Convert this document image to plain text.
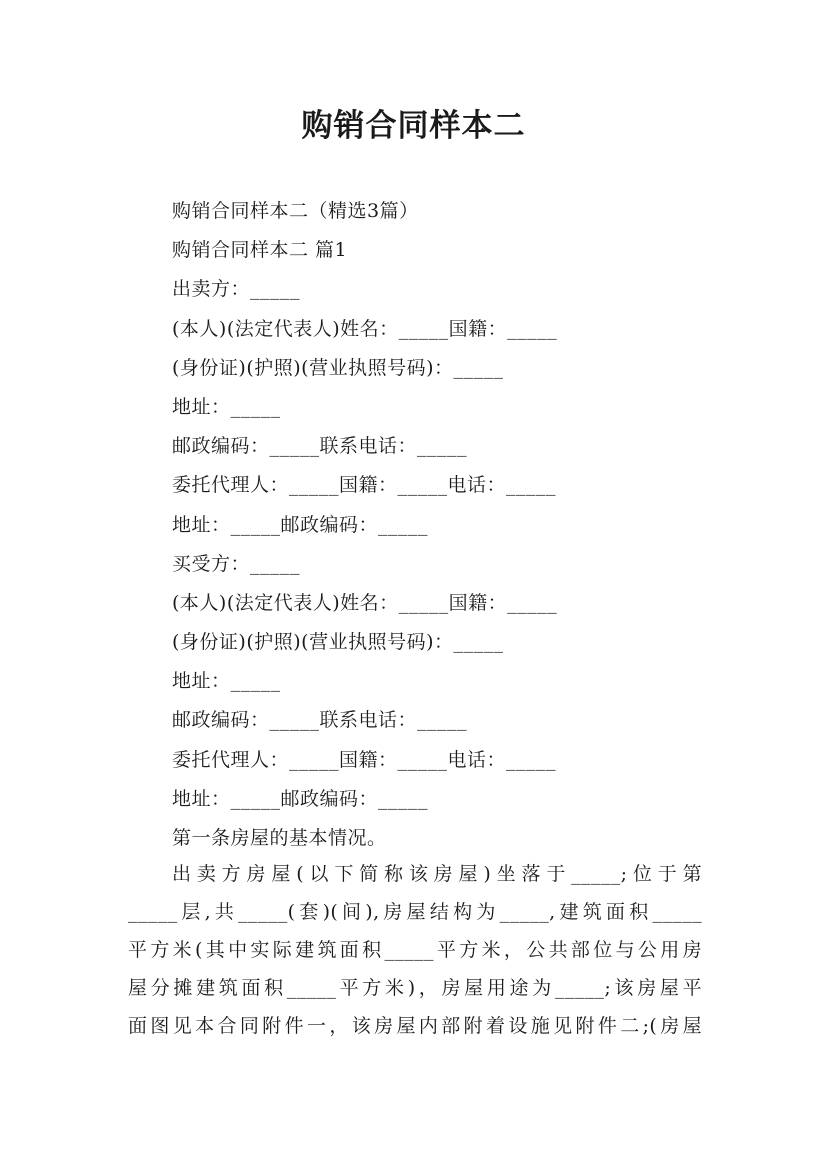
购销合同样本二
购销合同样本二（精选3篇）
购销合同样本二 篇1
出卖方：_____
(本人)(法定代表人)姓名：_____国籍：_____
(身份证)(护照)(营业执照号码)：_____
地址：_____
邮政编码：_____联系电话：_____
委托代理人：_____国籍：_____电话：_____
地址：_____邮政编码：_____
买受方：_____
(本人)(法定代表人)姓名：_____国籍：_____
(身份证)(护照)(营业执照号码)：_____
地址：_____
邮政编码：_____联系电话：_____
委托代理人：_____国籍：_____电话：_____
地址：_____邮政编码：_____
第一条房屋的基本情况。
出卖方房屋(以下简称该房屋)坐落于_____;位于第
_____层,共_____(套)(间),房屋结构为_____,建筑面积_____
平方米(其中实际建筑面积_____平方米，公共部位与公用房
屋分摊建筑面积_____平方米)，房屋用途为_____;该房屋平
面图见本合同附件一，该房屋内部附着设施见附件二;(房屋
